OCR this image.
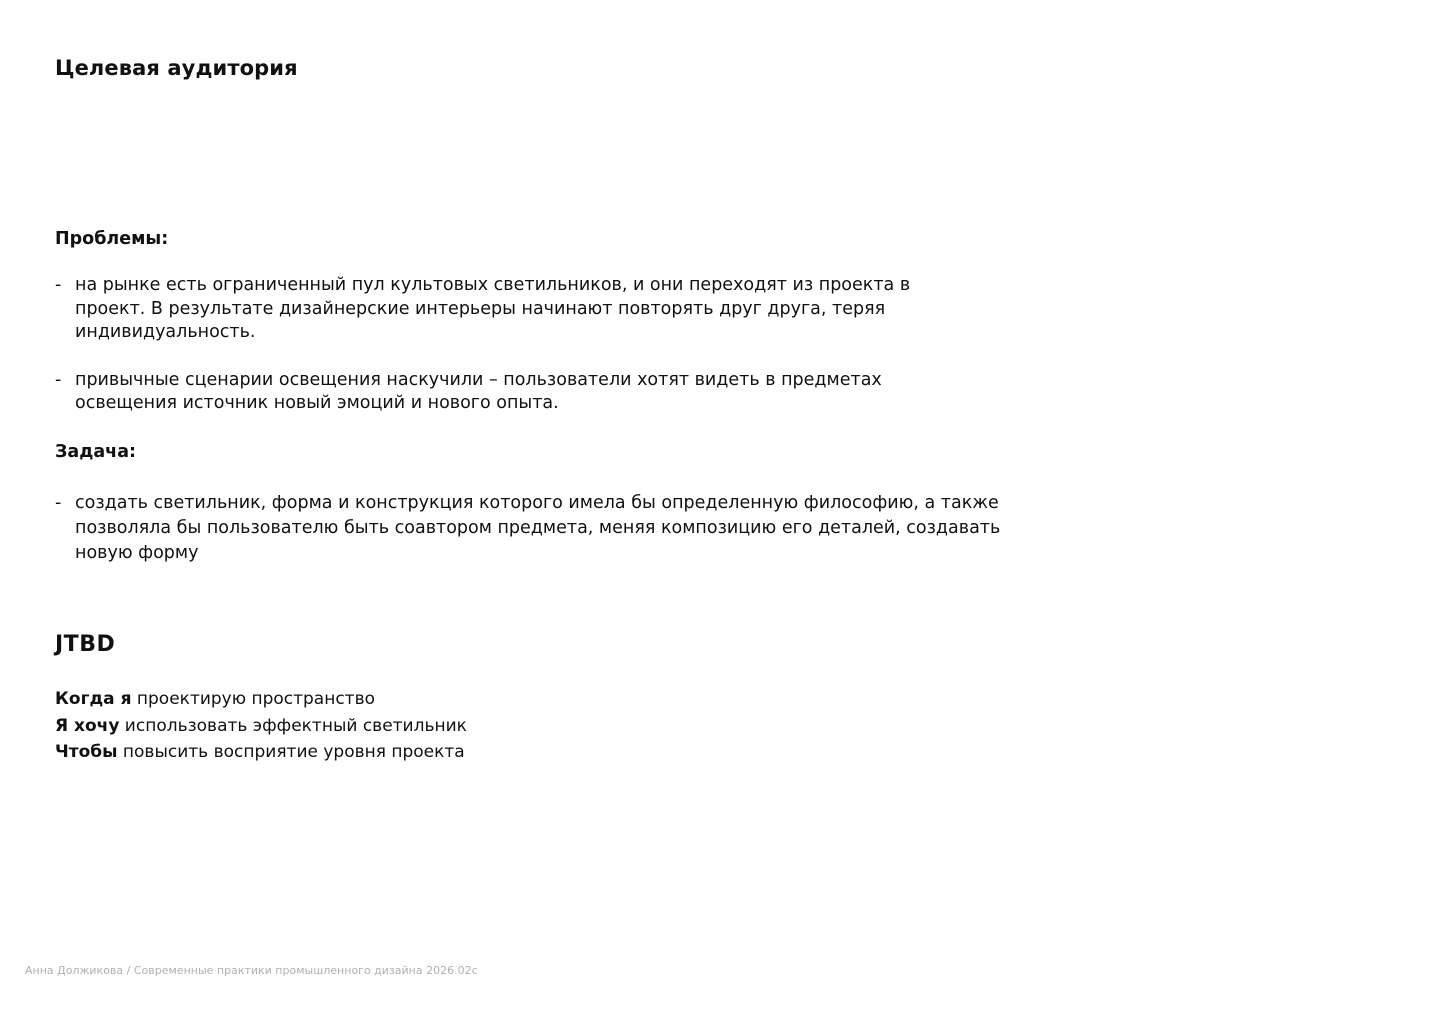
Целевая аудитория
Проблемы:
- на рынке есть ограниченный пул культовых светильников, и они переходят из проекта в проект. В результате дизайнерские интерьеры начинают повторять друг друга, теряя индивидуальность.
- привычные сценарии освещения наскучили – пользователи хотят видеть в предметах освещения источник новый эмоций и нового опыта.
Задача:
- создать светильник, форма и конструкция которого имела бы определенную философию, а также позволяла бы пользователю быть соавтором предмета, меняя композицию его деталей, создавать новую форму
JTBD
Когда я проектирую пространство
Я хочу использовать эффектный светильник
Чтобы повысить восприятие уровня проекта
Анна Должикова / Современные практики промышленного дизайна 2026.02с
